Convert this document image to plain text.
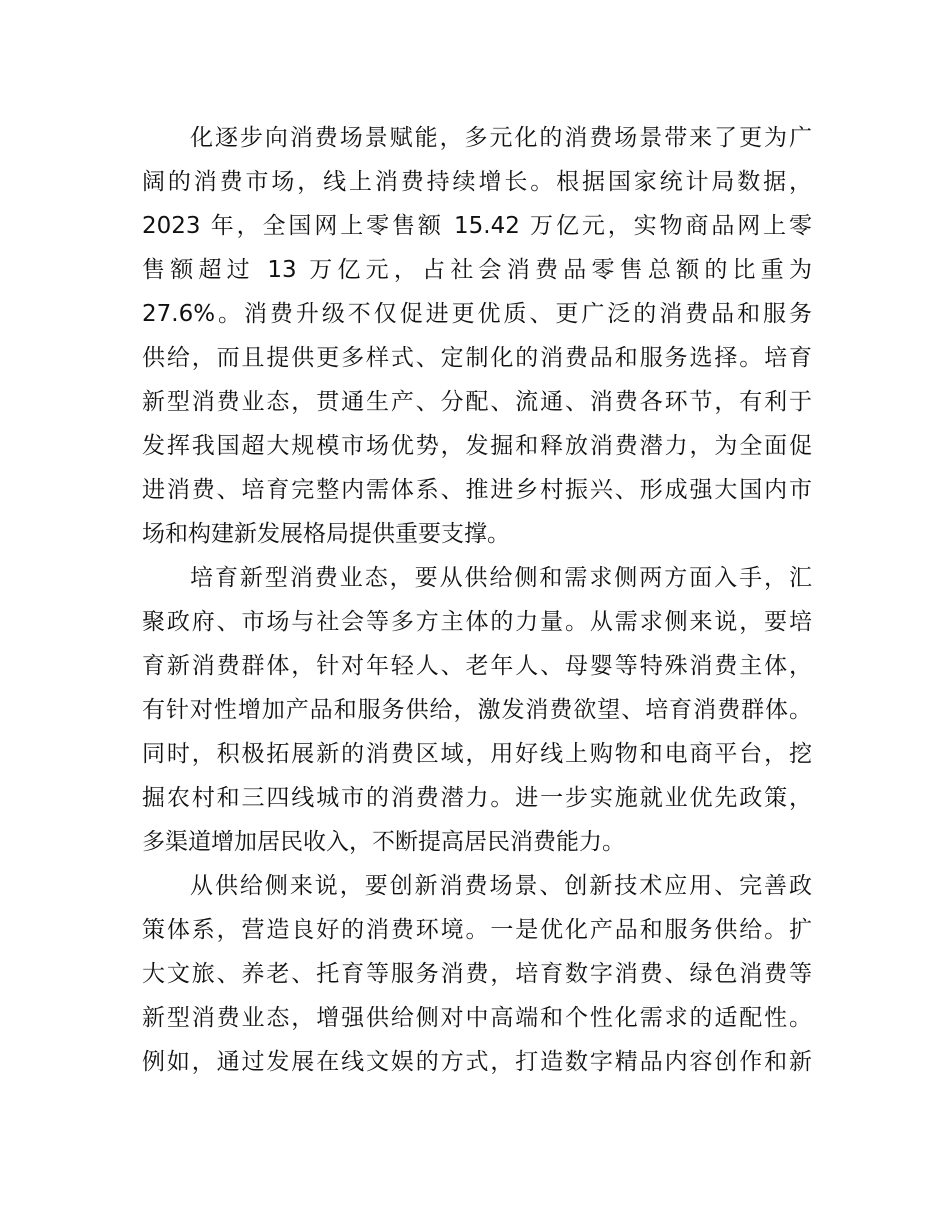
化逐步向消费场景赋能，多元化的消费场景带来了更为广
阔的消费市场，线上消费持续增长。根据国家统计局数据，
2023 年，全国网上零售额 15.42 万亿元，实物商品网上零
售额超过 13 万亿元，占社会消费品零售总额的比重为
27.6%。消费升级不仅促进更优质、更广泛的消费品和服务
供给，而且提供更多样式、定制化的消费品和服务选择。培育
新型消费业态，贯通生产、分配、流通、消费各环节，有利于
发挥我国超大规模市场优势，发掘和释放消费潜力，为全面促
进消费、培育完整内需体系、推进乡村振兴、形成强大国内市
场和构建新发展格局提供重要支撑。
培育新型消费业态，要从供给侧和需求侧两方面入手，汇
聚政府、市场与社会等多方主体的力量。从需求侧来说，要培
育新消费群体，针对年轻人、老年人、母婴等特殊消费主体，
有针对性增加产品和服务供给，激发消费欲望、培育消费群体。
同时，积极拓展新的消费区域，用好线上购物和电商平台，挖
掘农村和三四线城市的消费潜力。进一步实施就业优先政策，
多渠道增加居民收入，不断提高居民消费能力。
从供给侧来说，要创新消费场景、创新技术应用、完善政
策体系，营造良好的消费环境。一是优化产品和服务供给。扩
大文旅、养老、托育等服务消费，培育数字消费、绿色消费等
新型消费业态，增强供给侧对中高端和个性化需求的适配性。
例如，通过发展在线文娱的方式，打造数字精品内容创作和新
